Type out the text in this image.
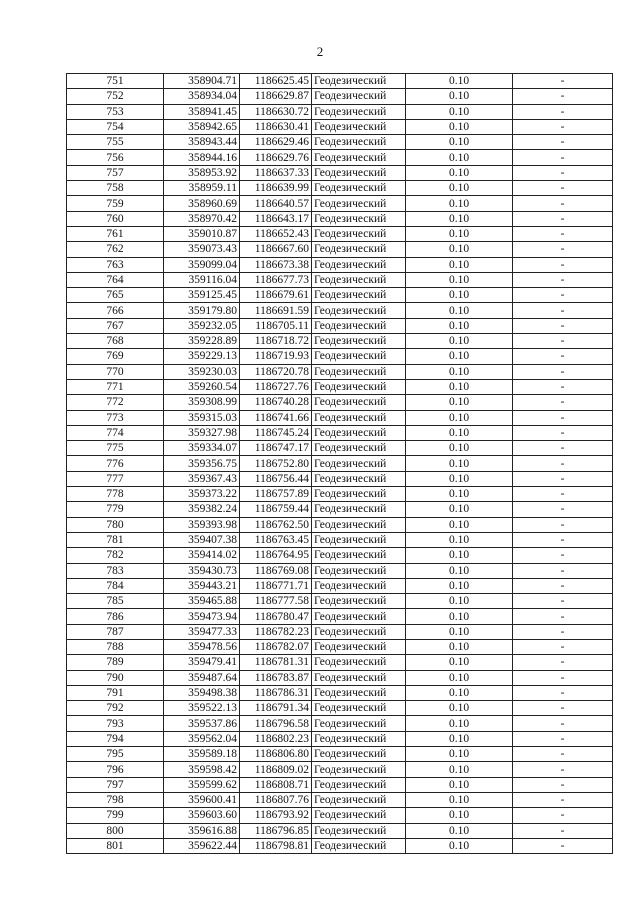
2
751	358904.71	1186625.45	Геодезический	0.10	-
752	358934.04	1186629.87	Геодезический	0.10	-
753	358941.45	1186630.72	Геодезический	0.10	-
754	358942.65	1186630.41	Геодезический	0.10	-
755	358943.44	1186629.46	Геодезический	0.10	-
756	358944.16	1186629.76	Геодезический	0.10	-
757	358953.92	1186637.33	Геодезический	0.10	-
758	358959.11	1186639.99	Геодезический	0.10	-
759	358960.69	1186640.57	Геодезический	0.10	-
760	358970.42	1186643.17	Геодезический	0.10	-
761	359010.87	1186652.43	Геодезический	0.10	-
762	359073.43	1186667.60	Геодезический	0.10	-
763	359099.04	1186673.38	Геодезический	0.10	-
764	359116.04	1186677.73	Геодезический	0.10	-
765	359125.45	1186679.61	Геодезический	0.10	-
766	359179.80	1186691.59	Геодезический	0.10	-
767	359232.05	1186705.11	Геодезический	0.10	-
768	359228.89	1186718.72	Геодезический	0.10	-
769	359229.13	1186719.93	Геодезический	0.10	-
770	359230.03	1186720.78	Геодезический	0.10	-
771	359260.54	1186727.76	Геодезический	0.10	-
772	359308.99	1186740.28	Геодезический	0.10	-
773	359315.03	1186741.66	Геодезический	0.10	-
774	359327.98	1186745.24	Геодезический	0.10	-
775	359334.07	1186747.17	Геодезический	0.10	-
776	359356.75	1186752.80	Геодезический	0.10	-
777	359367.43	1186756.44	Геодезический	0.10	-
778	359373.22	1186757.89	Геодезический	0.10	-
779	359382.24	1186759.44	Геодезический	0.10	-
780	359393.98	1186762.50	Геодезический	0.10	-
781	359407.38	1186763.45	Геодезический	0.10	-
782	359414.02	1186764.95	Геодезический	0.10	-
783	359430.73	1186769.08	Геодезический	0.10	-
784	359443.21	1186771.71	Геодезический	0.10	-
785	359465.88	1186777.58	Геодезический	0.10	-
786	359473.94	1186780.47	Геодезический	0.10	-
787	359477.33	1186782.23	Геодезический	0.10	-
788	359478.56	1186782.07	Геодезический	0.10	-
789	359479.41	1186781.31	Геодезический	0.10	-
790	359487.64	1186783.87	Геодезический	0.10	-
791	359498.38	1186786.31	Геодезический	0.10	-
792	359522.13	1186791.34	Геодезический	0.10	-
793	359537.86	1186796.58	Геодезический	0.10	-
794	359562.04	1186802.23	Геодезический	0.10	-
795	359589.18	1186806.80	Геодезический	0.10	-
796	359598.42	1186809.02	Геодезический	0.10	-
797	359599.62	1186808.71	Геодезический	0.10	-
798	359600.41	1186807.76	Геодезический	0.10	-
799	359603.60	1186793.92	Геодезический	0.10	-
800	359616.88	1186796.85	Геодезический	0.10	-
801	359622.44	1186798.81	Геодезический	0.10	-
